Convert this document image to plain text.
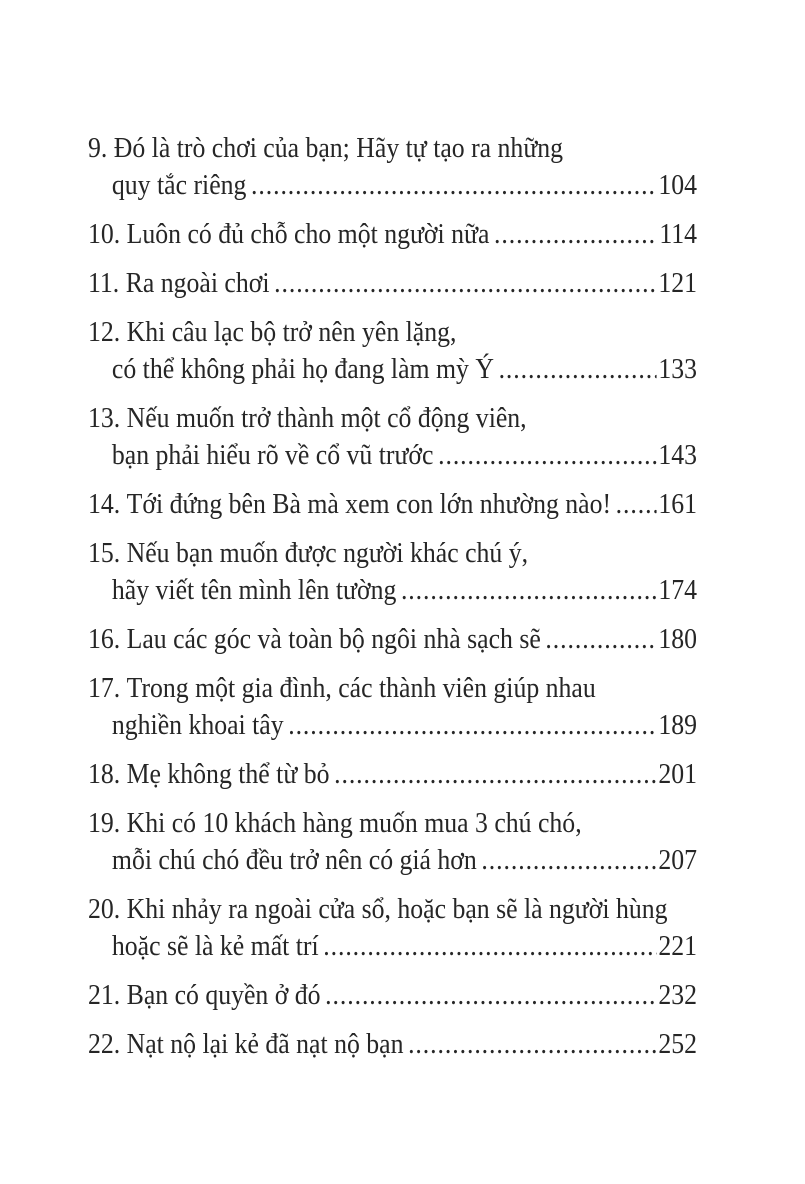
9. Đó là trò chơi của bạn; Hãy tự tạo ra những
quy tắc riêng .....	104
10. Luôn có đủ chỗ cho một người nữa .....	114
11. Ra ngoài chơi .....	121
12. Khi câu lạc bộ trở nên yên lặng,
có thể không phải họ đang làm mỳ Ý .....	133
13. Nếu muốn trở thành một cổ động viên,
bạn phải hiểu rõ về cổ vũ trước .....	143
14. Tới đứng bên Bà mà xem con lớn nhường nào! ..... 161
15. Nếu bạn muốn được người khác chú ý,
hãy viết tên mình lên tường .....	174
16. Lau các góc và toàn bộ ngôi nhà sạch sẽ .....	180
17. Trong một gia đình, các thành viên giúp nhau
nghiền khoai tây .....	189
18. Mẹ không thể từ bỏ .....	201
19. Khi có 10 khách hàng muốn mua 3 chú chó,
mỗi chú chó đều trở nên có giá hơn .....	207
20. Khi nhảy ra ngoài cửa sổ, hoặc bạn sẽ là người hùng
hoặc sẽ là kẻ mất trí .....	221
21. Bạn có quyền ở đó .....	232
22. Nạt nộ lại kẻ đã nạt nộ bạn .....	252
